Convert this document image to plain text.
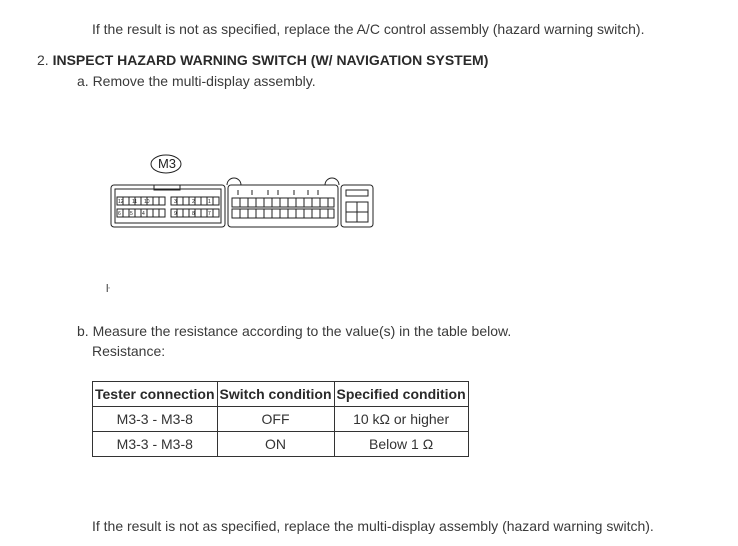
If the result is not as specified, replace the A/C control assembly (hazard warning switch).
2. INSPECT HAZARD WARNING SWITCH (W/ NAVIGATION SYSTEM)
a. Remove the multi-display assembly.
12 11 10
6 5 4
3	2	1
9	8	7
M3
ŀ
b. Measure the resistance according to the value(s) in the table below.
Resistance:
Tester connection	Switch condition	Specified condition
M3-3 - M3-8	OFF	10 kΩ or higher
M3-3 - M3-8	ON	Below 1 Ω
If the result is not as specified, replace the multi-display assembly (hazard warning switch).
